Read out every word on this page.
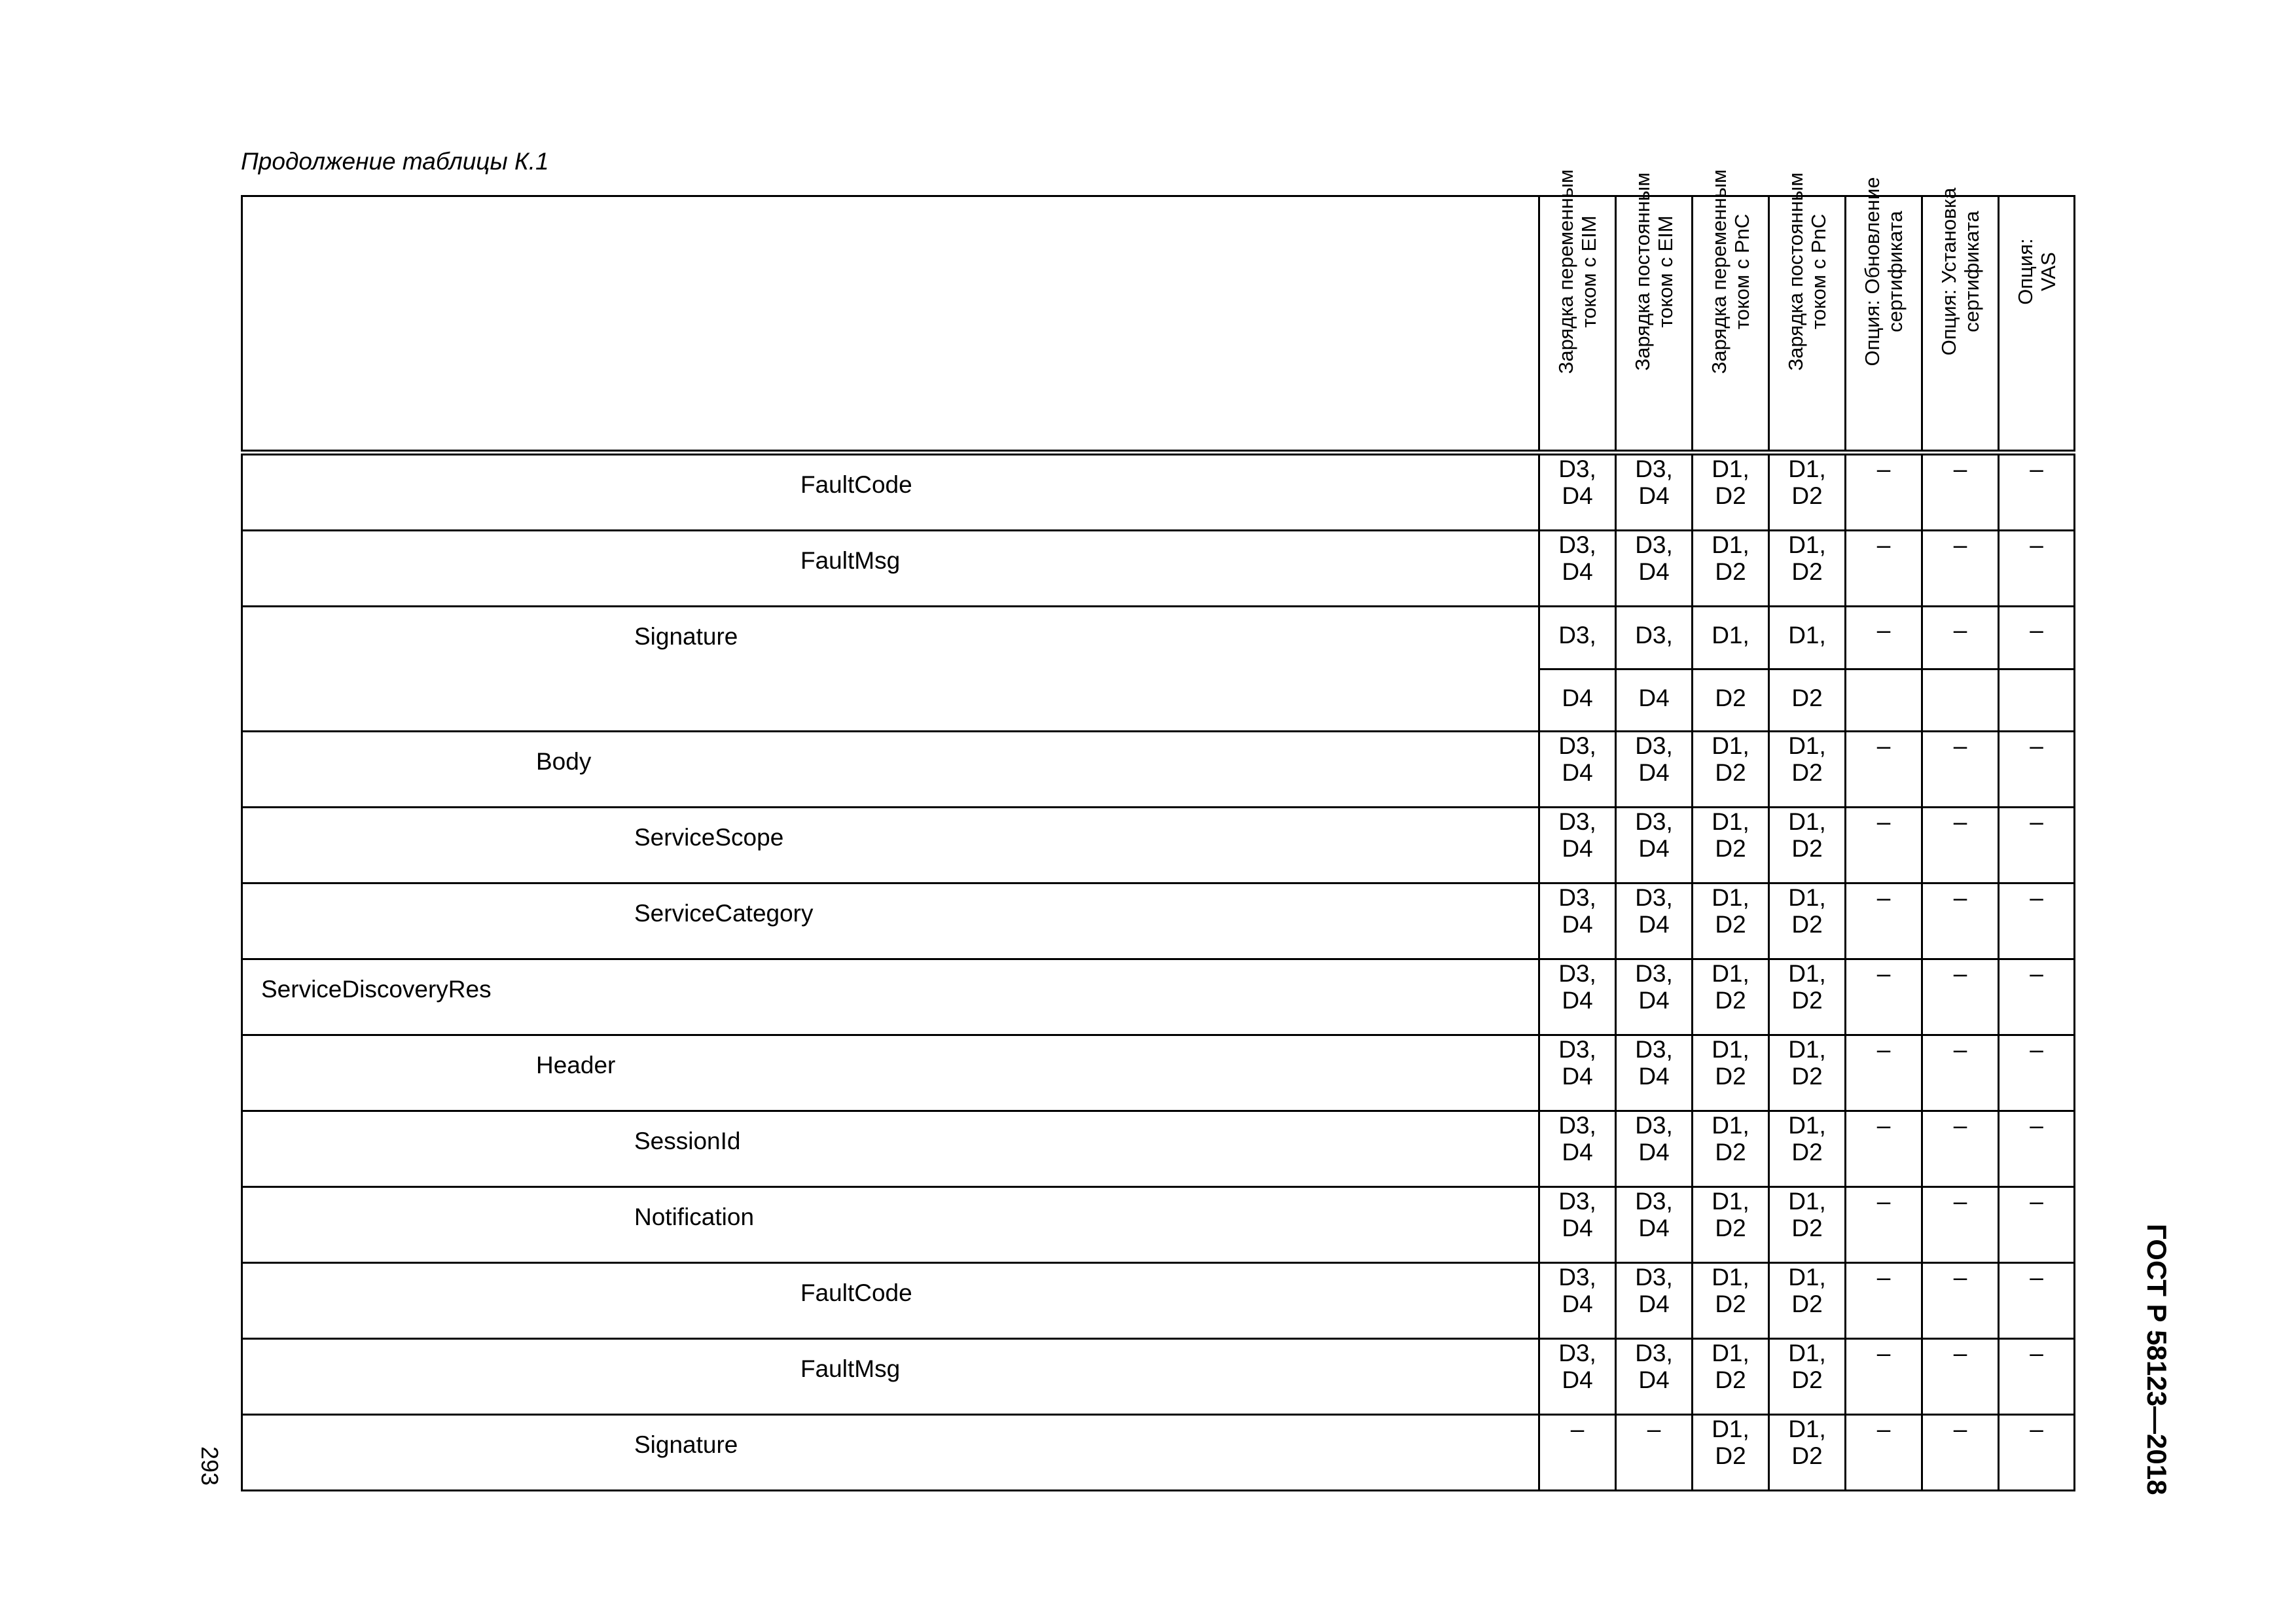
Продолжение таблицы К.1
ГОСТ Р 58123—2018
293

	Зарядка переменным
током с EIM	Зарядка постоянным
током с EIM	Зарядка переменным
током с PnC	Зарядка постоянным
током с PnC	Опция: Обновление
сертификата	Опция: Установка
сертификата	Опция:
VAS

FaultCode	D3,
D4	D3,
D4	D1,
D2	D1,
D2	–	–	–

FaultMsg	D3,
D4	D3,
D4	D1,
D2	D1,
D2	–	–	–

Signature	D3,	D3,	D1,	D1,	–	–	–
	D4	D4	D2	D2			

Body	D3,
D4	D3,
D4	D1,
D2	D1,
D2	–	–	–

ServiceScope	D3,
D4	D3,
D4	D1,
D2	D1,
D2	–	–	–

ServiceCategory	D3,
D4	D3,
D4	D1,
D2	D1,
D2	–	–	–

ServiceDiscoveryRes	D3,
D4	D3,
D4	D1,
D2	D1,
D2	–	–	–

Header	D3,
D4	D3,
D4	D1,
D2	D1,
D2	–	–	–

SessionId	D3,
D4	D3,
D4	D1,
D2	D1,
D2	–	–	–

Notification	D3,
D4	D3,
D4	D1,
D2	D1,
D2	–	–	–

FaultCode	D3,
D4	D3,
D4	D1,
D2	D1,
D2	–	–	–

FaultMsg	D3,
D4	D3,
D4	D1,
D2	D1,
D2	–	–	–

Signature	–	–	D1,
D2	D1,
D2	–	–	–
